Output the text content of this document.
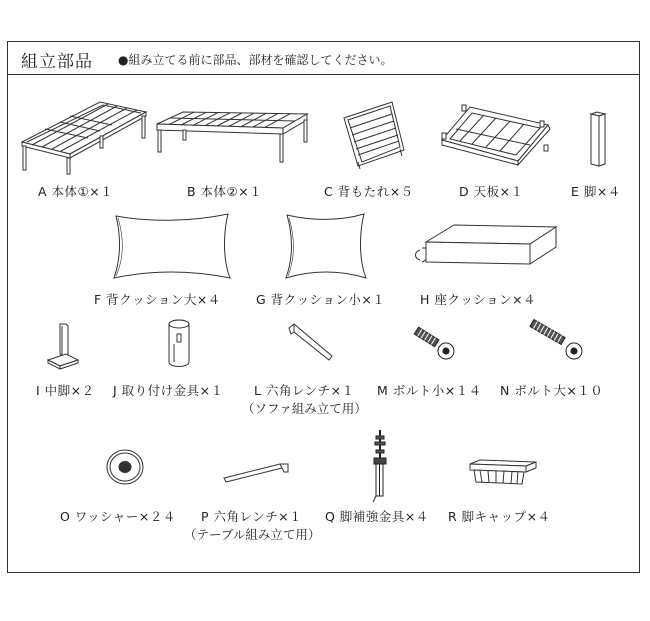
組立部品 ●組み立てる前に部品、部材を確認してください。
A 本体①×１	B 本体②×１	C 背もたれ×５	D 天板×１	E 脚×４
F 背クッション大×４	G 背クッション小×１	H 座クッション×４
I 中脚×２ J 取り付け金具×１ L 六角レンチ×１
（ソファ組み立て用）
M ボルト小×１４ N ボルト大×１０
O ワッシャー×２４ P 六角レンチ×１
（テーブル組み立て用）
Q 脚補強金具×４ R 脚キャップ×４
